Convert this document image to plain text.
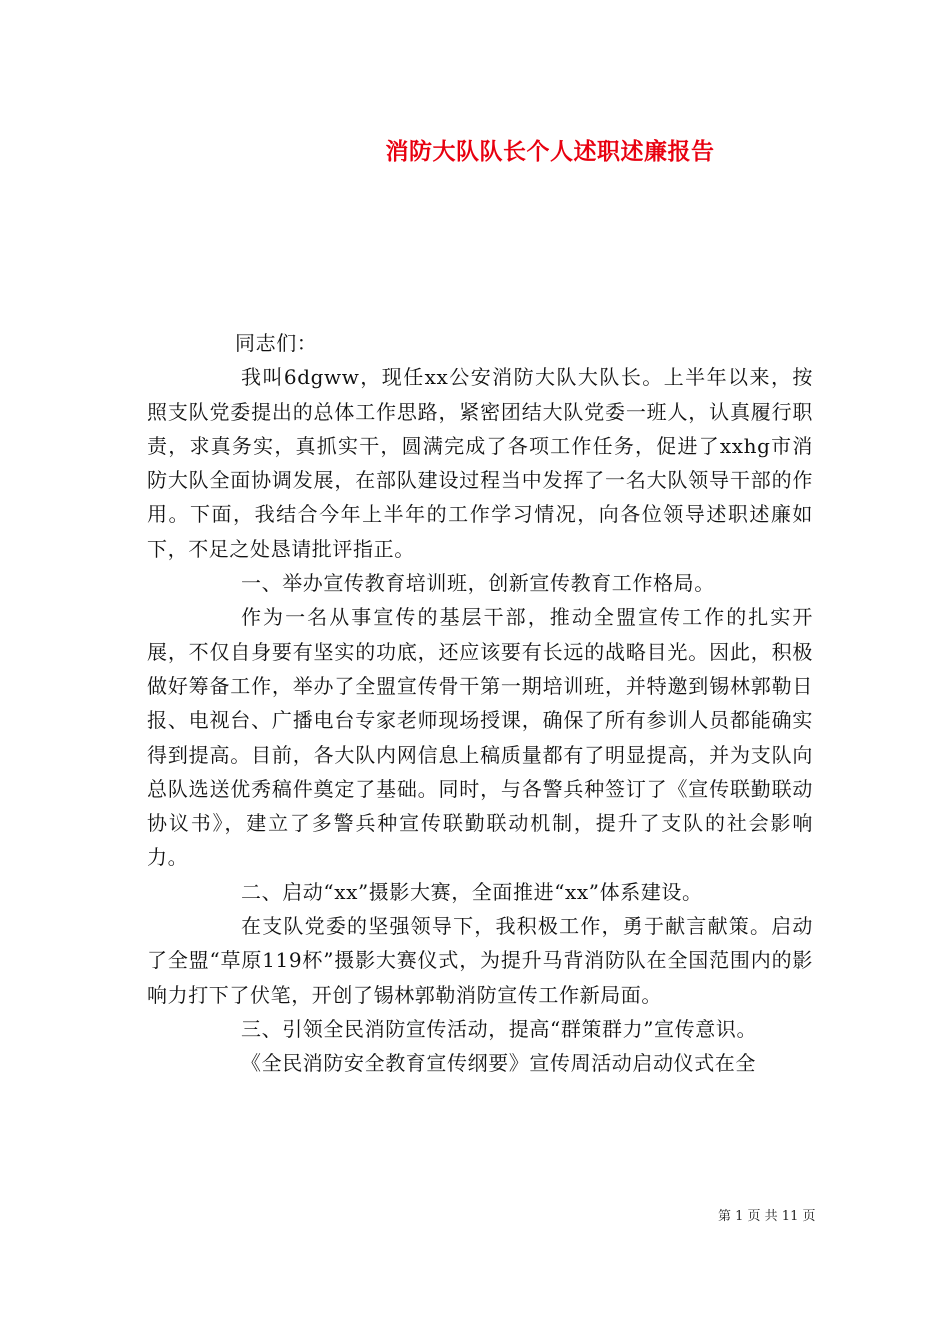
消防大队队长个人述职述廉报告

同志们：

我叫6dgww，现任xx公安消防大队大队长。上半年以来，按照支队党委提出的总体工作思路，紧密团结大队党委一班人，认真履行职责，求真务实，真抓实干，圆满完成了各项工作任务，促进了xxhg市消防大队全面协调发展，在部队建设过程当中发挥了一名大队领导干部的作用。下面，我结合今年上半年的工作学习情况，向各位领导述职述廉如下，不足之处恳请批评指正。

一、举办宣传教育培训班，创新宣传教育工作格局。

作为一名从事宣传的基层干部，推动全盟宣传工作的扎实开展，不仅自身要有坚实的功底，还应该要有长远的战略目光。因此，积极做好筹备工作，举办了全盟宣传骨干第一期培训班，并特邀到锡林郭勒日报、电视台、广播电台专家老师现场授课，确保了所有参训人员都能确实得到提高。目前，各大队内网信息上稿质量都有了明显提高，并为支队向总队选送优秀稿件奠定了基础。同时，与各警兵种签订了《宣传联勤联动协议书》，建立了多警兵种宣传联勤联动机制，提升了支队的社会影响力。

二、启动“xx”摄影大赛，全面推进“xx”体系建设。

在支队党委的坚强领导下，我积极工作，勇于献言献策。启动了全盟“草原119杯”摄影大赛仪式，为提升马背消防队在全国范围内的影响力打下了伏笔，开创了锡林郭勒消防宣传工作新局面。

三、引领全民消防宣传活动，提高“群策群力”宣传意识。

《全民消防安全教育宣传纲要》宣传周活动启动仪式在全

第 1 页 共 11 页
